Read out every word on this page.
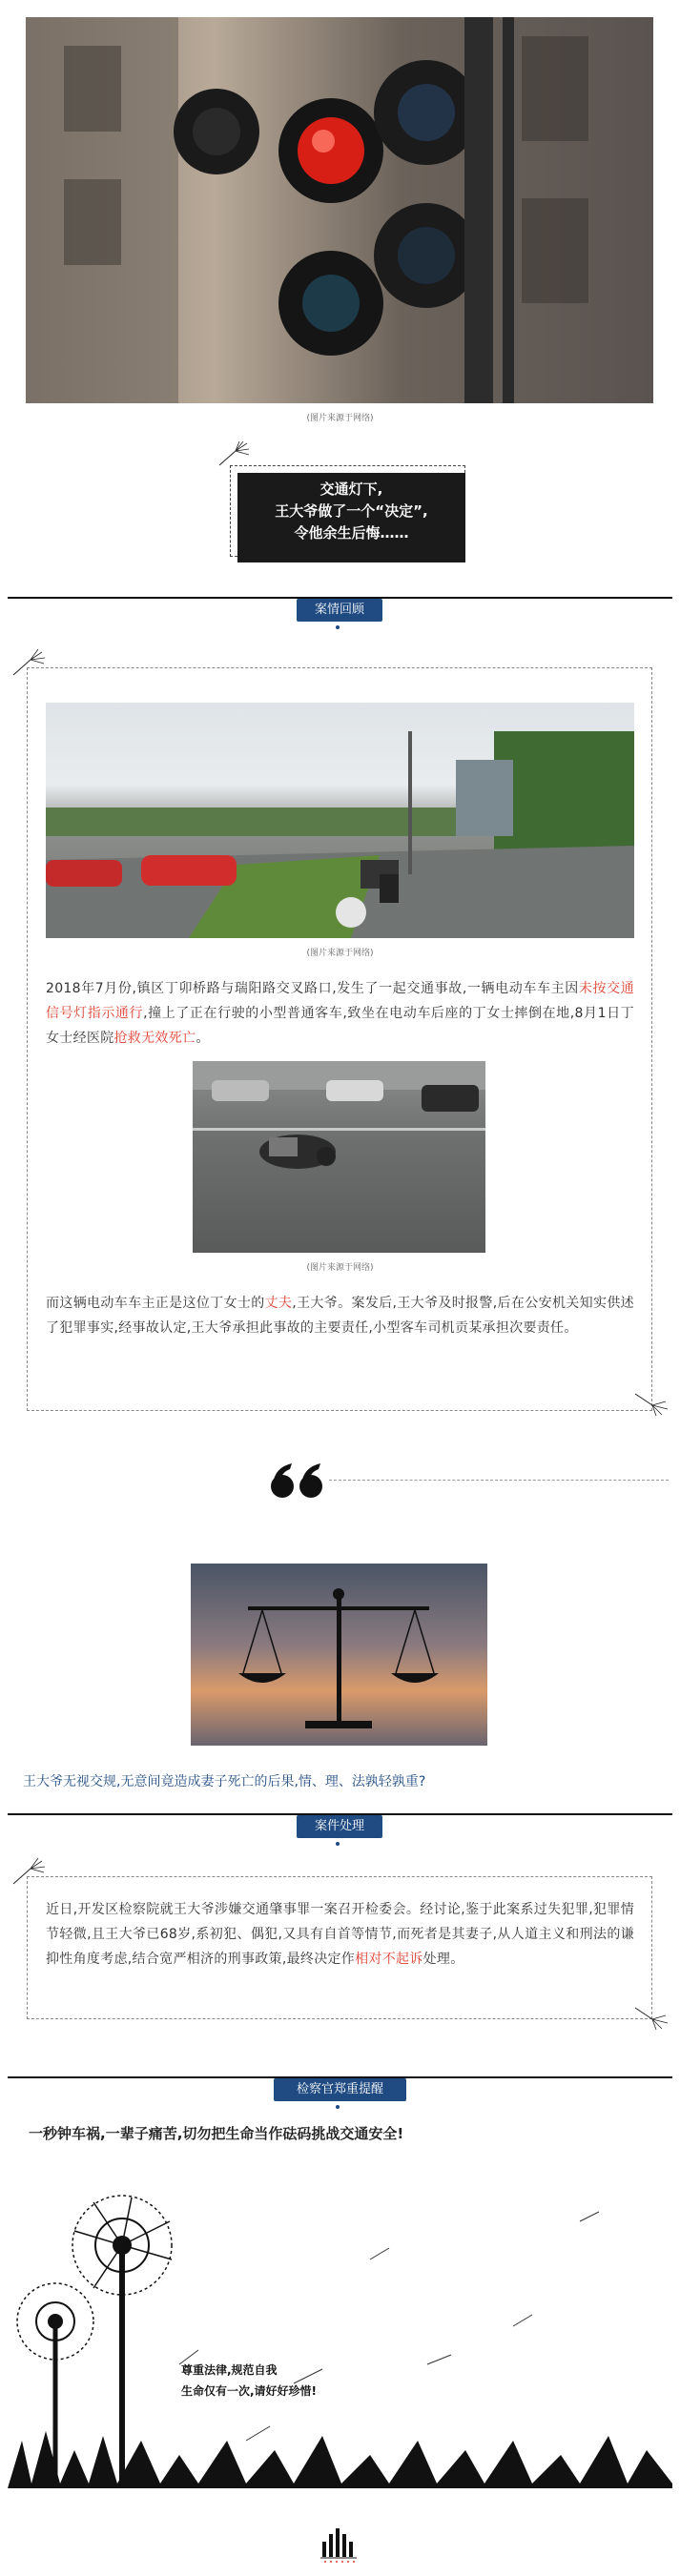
(图片来源于网络)
交通灯下,
王大爷做了一个“决定”,
令他余生后悔……
案情回顾
(图片来源于网络)
2018年7月份,镇区丁卯桥路与瑞阳路交叉路口,发生了一起交通事故,一辆电动车车主因未按交通信号灯指示通行,撞上了正在行驶的小型普通客车,致坐在电动车后座的丁女士摔倒在地,8月1日丁女士经医院抢救无效死亡。
(图片来源于网络)
而这辆电动车车主正是这位丁女士的丈夫,王大爷。案发后,王大爷及时报警,后在公安机关知实供述了犯罪事实,经事故认定,王大爷承担此事故的主要责任,小型客车司机贡某承担次要责任。
王大爷无视交规,无意间竟造成妻子死亡的后果,情、理、法孰轻孰重?
案件处理
近日,开发区检察院就王大爷涉嫌交通肇事罪一案召开检委会。经讨论,鉴于此案系过失犯罪,犯罪情节轻微,且王大爷已68岁,系初犯、偶犯,又具有自首等情节,而死者是其妻子,从人道主义和刑法的谦抑性角度考虑,结合宽严相济的刑事政策,最终决定作相对不起诉处理。
检察官郑重提醒
一秒钟车祸,一辈子痛苦,切勿把生命当作砝码挑战交通安全!
尊重法律,规范自我
生命仅有一次,请好好珍惜!
